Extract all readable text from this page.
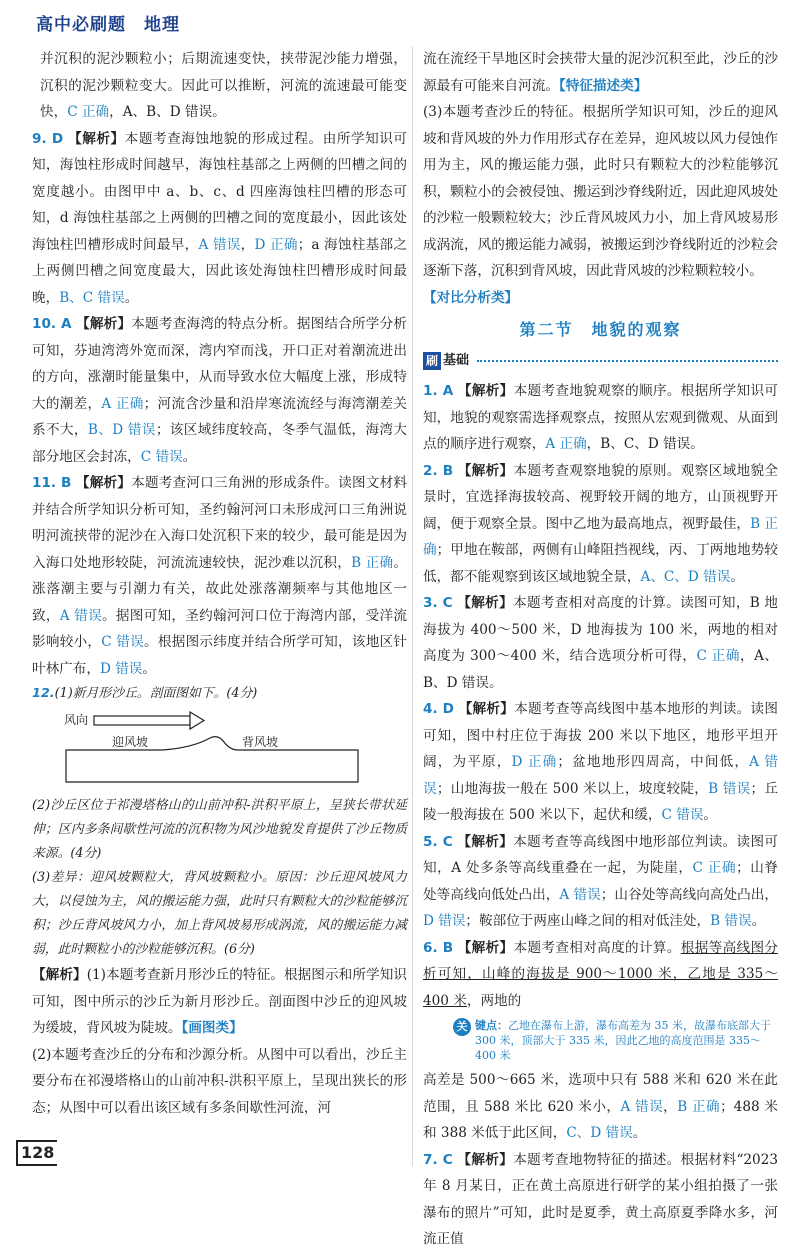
高中必刷题　地理

并沉积的泥沙颗粒小；后期流速变快，挟带泥沙能力增强，沉积的泥沙颗粒变大。因此可以推断，河流的流速最可能变快，C 正确，A、B、D 错误。

9. D 【解析】本题考查海蚀地貌的形成过程。由所学知识可知，海蚀柱形成时间越早，海蚀柱基部之上两侧的凹槽之间的宽度越小。由图甲中 a、b、c、d 四座海蚀柱凹槽的形态可知，d 海蚀柱基部之上两侧的凹槽之间的宽度最小，因此该处海蚀柱凹槽形成时间最早，A 错误，D 正确；a 海蚀柱基部之上两侧凹槽之间宽度最大，因此该处海蚀柱凹槽形成时间最晚，B、C 错误。

10. A 【解析】本题考查海湾的特点分析。据图结合所学分析可知，芬迪湾湾外宽而深，湾内窄而浅，开口正对着潮流进出的方向，涨潮时能量集中，从而导致水位大幅度上涨，形成特大的潮差，A 正确；河流含沙量和沿岸寒流流经与海湾潮差关系不大，B、D 错误；该区域纬度较高，冬季气温低，海湾大部分地区会封冻，C 错误。

11. B 【解析】本题考查河口三角洲的形成条件。读图文材料并结合所学知识分析可知，圣约翰河河口未形成河口三角洲说明河流挟带的泥沙在入海口处沉积下来的较少，最可能是因为入海口处地形较陡，河流流速较快，泥沙难以沉积，B 正确。涨落潮主要与引潮力有关，故此处涨落潮频率与其他地区一致，A 错误。据图可知，圣约翰河河口位于海湾内部，受洋流影响较小，C 错误。根据图示纬度并结合所学可知，该地区针叶林广布，D 错误。

12.(1)新月形沙丘。剖面图如下。(4分)

风向
迎风坡	背风坡

(2)沙丘区位于祁漫塔格山的山前冲积-洪积平原上，呈狭长带状延伸；区内多条间歇性河流的沉积物为风沙地貌发育提供了沙丘物质来源。(4分)

(3)差异：迎风坡颗粒大，背风坡颗粒小。原因：沙丘迎风坡风力大，以侵蚀为主，风的搬运能力强，此时只有颗粒大的沙粒能够沉积；沙丘背风坡风力小，加上背风坡易形成涡流，风的搬运能力减弱，此时颗粒小的沙粒能够沉积。(6分)

【解析】(1)本题考查新月形沙丘的特征。根据图示和所学知识可知，图中所示的沙丘为新月形沙丘。剖面图中沙丘的迎风坡为缓坡，背风坡为陡坡。【画图类】

(2)本题考查沙丘的分布和沙源分析。从图中可以看出，沙丘主要分布在祁漫塔格山的山前冲积-洪积平原上，呈现出狭长的形态；从图中可以看出该区域有多条间歇性河流，河

流在流经干旱地区时会挟带大量的泥沙沉积至此，沙丘的沙源最有可能来自河流。【特征描述类】

(3)本题考查沙丘的特征。根据所学知识可知，沙丘的迎风坡和背风坡的外力作用形式存在差异，迎风坡以风力侵蚀作用为主，风的搬运能力强，此时只有颗粒大的沙粒能够沉积，颗粒小的会被侵蚀、搬运到沙脊线附近，因此迎风坡处的沙粒一般颗粒较大；沙丘背风坡风力小，加上背风坡易形成涡流，风的搬运能力减弱，被搬运到沙脊线附近的沙粒会逐渐下落，沉积到背风坡，因此背风坡的沙粒颗粒较小。

【对比分析类】

第二节　地貌的观察
刷 基础

1. A 【解析】本题考查地貌观察的顺序。根据所学知识可知，地貌的观察需选择观察点，按照从宏观到微观、从面到点的顺序进行观察，A 正确，B、C、D 错误。

2. B 【解析】本题考查观察地貌的原则。观察区域地貌全景时，宜选择海拔较高、视野较开阔的地方，山顶视野开阔，便于观察全景。图中乙地为最高地点，视野最佳，B 正确；甲地在鞍部，两侧有山峰阻挡视线，丙、丁两地地势较低，都不能观察到该区域地貌全景，A、C、D 错误。

3. C 【解析】本题考查相对高度的计算。读图可知，B 地海拔为 400～500 米，D 地海拔为 100 米，两地的相对高度为 300～400 米，结合选项分析可得，C 正确，A、B、D 错误。

4. D 【解析】本题考查等高线图中基本地形的判读。读图可知，图中村庄位于海拔 200 米以下地区，地形平坦开阔，为平原，D 正确；盆地地形四周高，中间低，A 错误；山地海拔一般在 500 米以上，坡度较陡，B 错误；丘陵一般海拔在 500 米以下，起伏和缓，C 错误。

5. C 【解析】本题考查等高线图中地形部位判读。读图可知，A 处多条等高线重叠在一起，为陡崖，C 正确；山脊处等高线向低处凸出，A 错误；山谷处等高线向高处凸出，D 错误；鞍部位于两座山峰之间的相对低洼处，B 错误。

6. B 【解析】本题考查相对高度的计算。根据等高线图分析可知，山峰的海拔是 900～1000 米，乙地是 335～400 米，两地的

关 键点：乙地在瀑布上游，瀑布高差为 35 米，故瀑布底部大于 300 米，顶部大于 335 米，因此乙地的高度范围是 335～400 米

高差是 500～665 米，选项中只有 588 米和 620 米在此范围，且 588 米比 620 米小，A 错误，B 正确；488 米和 388 米低于此区间，C、D 错误。

7. C 【解析】本题考查地物特征的描述。根据材料“2023 年 8 月某日，正在黄土高原进行研学的某小组拍摄了一张瀑布的照片”可知，此时是夏季，黄土高原夏季降水多，河流正值

128
